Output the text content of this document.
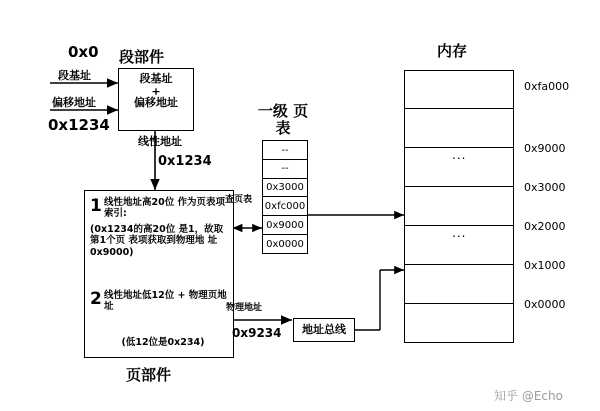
0x0
0x1234
段基址
偏移地址
段部件
段基址
+
偏移地址
线性地址
0x1234
1 线性地址高20位 作为页表项索引:
(0x1234的高20位 是1，故取第1个页 表项获取到物理地 址0x9000)
2 线性地址低12位 + 物理页地址
(低12位是0x234)
页部件
查页表
物理地址
0x9234
一级 页表
--
--
0x3000
0xfc000
0x9000
0x0000
地址总线
内存
...
...
0xfa000
0x9000
0x3000
0x2000
0x1000
0x0000
知乎 @Echo
